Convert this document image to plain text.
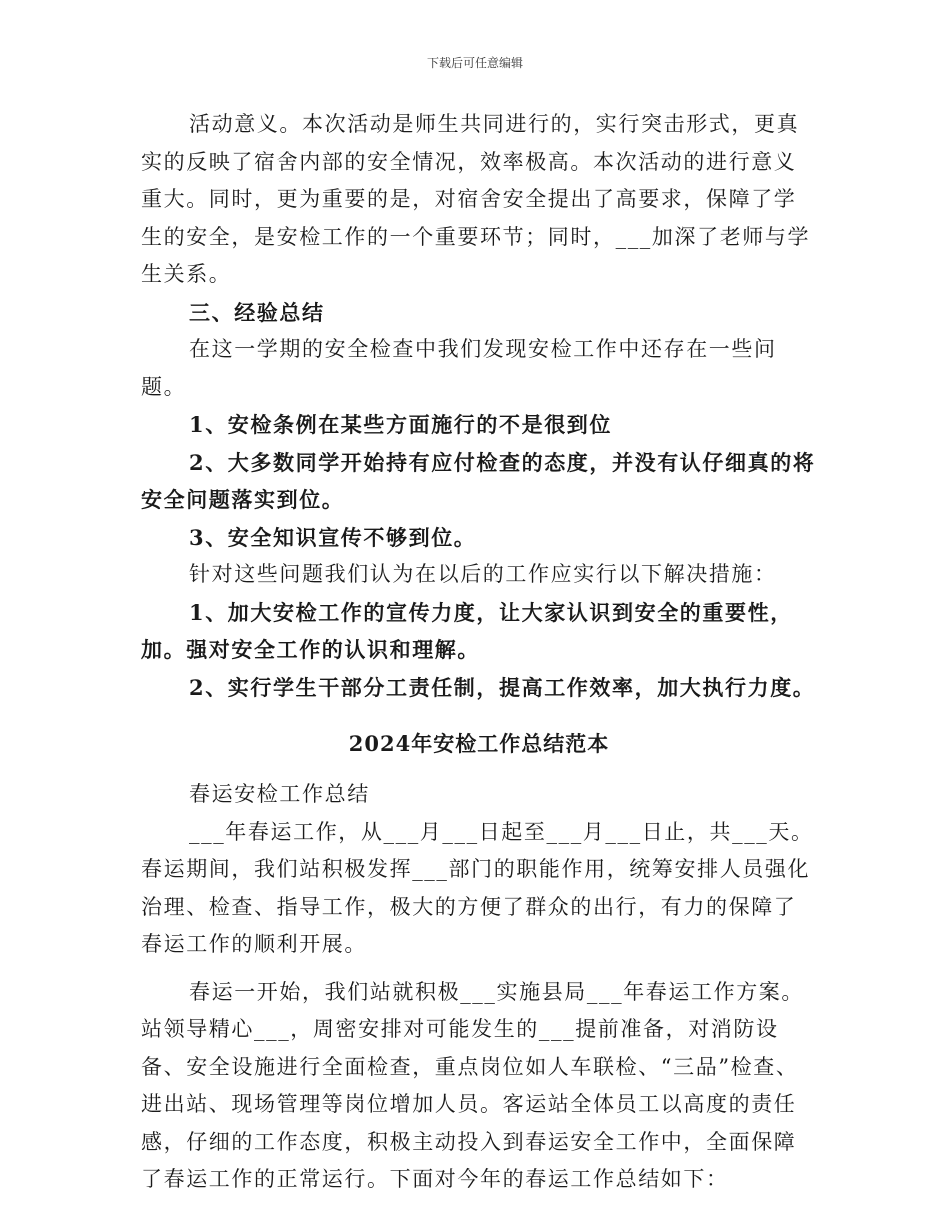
下载后可任意编辑

活动意义。本次活动是师生共同进行的，实行突击形式，更真实的反映了宿舍内部的安全情况，效率极高。本次活动的进行意义重大。同时，更为重要的是，对宿舍安全提出了高要求，保障了学生的安全，是安检工作的一个重要环节；同时，___加深了老师与学生关系。

三、经验总结

在这一学期的安全检查中我们发现安检工作中还存在一些问题。

1、安检条例在某些方面施行的不是很到位

2、大多数同学开始持有应付检查的态度，并没有认仔细真的将安全问题落实到位。

3、安全知识宣传不够到位。

针对这些问题我们认为在以后的工作应实行以下解决措施：

1、加大安检工作的宣传力度，让大家认识到安全的重要性，加。强对安全工作的认识和理解。

2、实行学生干部分工责任制，提高工作效率，加大执行力度。

2024年安检工作总结范本

春运安检工作总结

___年春运工作，从___月___日起至___月___日止，共___天。春运期间，我们站积极发挥___部门的职能作用，统筹安排人员强化治理、检查、指导工作，极大的方便了群众的出行，有力的保障了春运工作的顺利开展。

春运一开始，我们站就积极___实施县局___年春运工作方案。站领导精心___，周密安排对可能发生的___提前准备，对消防设备、安全设施进行全面检查，重点岗位如人车联检、“三品”检查、进出站、现场管理等岗位增加人员。客运站全体员工以高度的责任感，仔细的工作态度，积极主动投入到春运安全工作中，全面保障了春运工作的正常运行。下面对今年的春运工作总结如下：
